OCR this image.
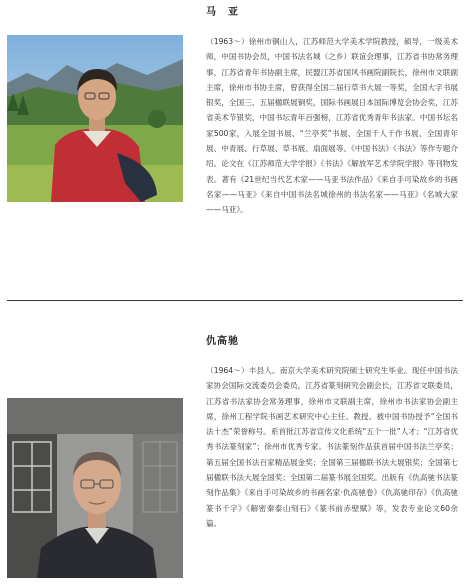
马　亚

（1963～）徐州市铜山人，江苏师范大学美术学院教授，硕导，一级美术师，中国书协会员，中国书法名城（之乡）联谊会理事，江苏省书协常务理事，江苏省青年书协副主席，民盟江苏省国风书画院副院长，徐州市文联副主席，徐州市书协主席，曾获得全国二届行草书大展一等奖，全国大字书展银奖，全国三、五届楹联展铜奖，国际书画展日本国际博览会协会奖，江苏省美术节银奖，中国书坛青年百强榜，江苏省优秀青年书法家。中国书坛名家500家，入展全国书展、“兰亭奖”书展、全国千人千作书展、全国青年展、中青展、行草展、草书展、扇面展等。《中国书法》《书法》等作专题介绍。论文在《江苏师范大学学报》《书法》《解放军艺术学院学报》等刊物发表。著有《21世纪当代艺术家——马亚书法作品》《来自手可染故乡的书画名家——马亚》《来自中国书法名城徐州的书法名家——马亚》《名城大家——马亚》。

仇高驰

（1964～）丰县人。南京大学美术研究院硕士研究生毕业。现任中国书法家协会国际交流委员会委员，江苏省篆刻研究会副会长，江苏省文联委员，江苏省书法家协会常务理事，徐州市文联副主席，徐州市书法家协会副主席，徐州工程学院书画艺术研究中心主任、教授。被中国书协授予“全国书法十杰”荣誉称号。系首批江苏省宣传文化系统“五个一批”人才；“江苏省优秀书法篆刻家”；徐州市优秀专家。书法篆刻作品获首届中国书法兰亭奖；第五届全国书法百家精品展金奖；全国第三届楹联书法大展银奖；全国第七届楹联书法大展全国奖；全国第二届篆书展全国奖。出版有《仇高驰书法篆刻作品集》《来自手可染故乡的书画名家·仇高驰卷》《仇高驰印存》《仇高驰篆书千字》《解密秦泰山刻石》《篆书前赤壁赋》等，发表专业论文60余篇。
